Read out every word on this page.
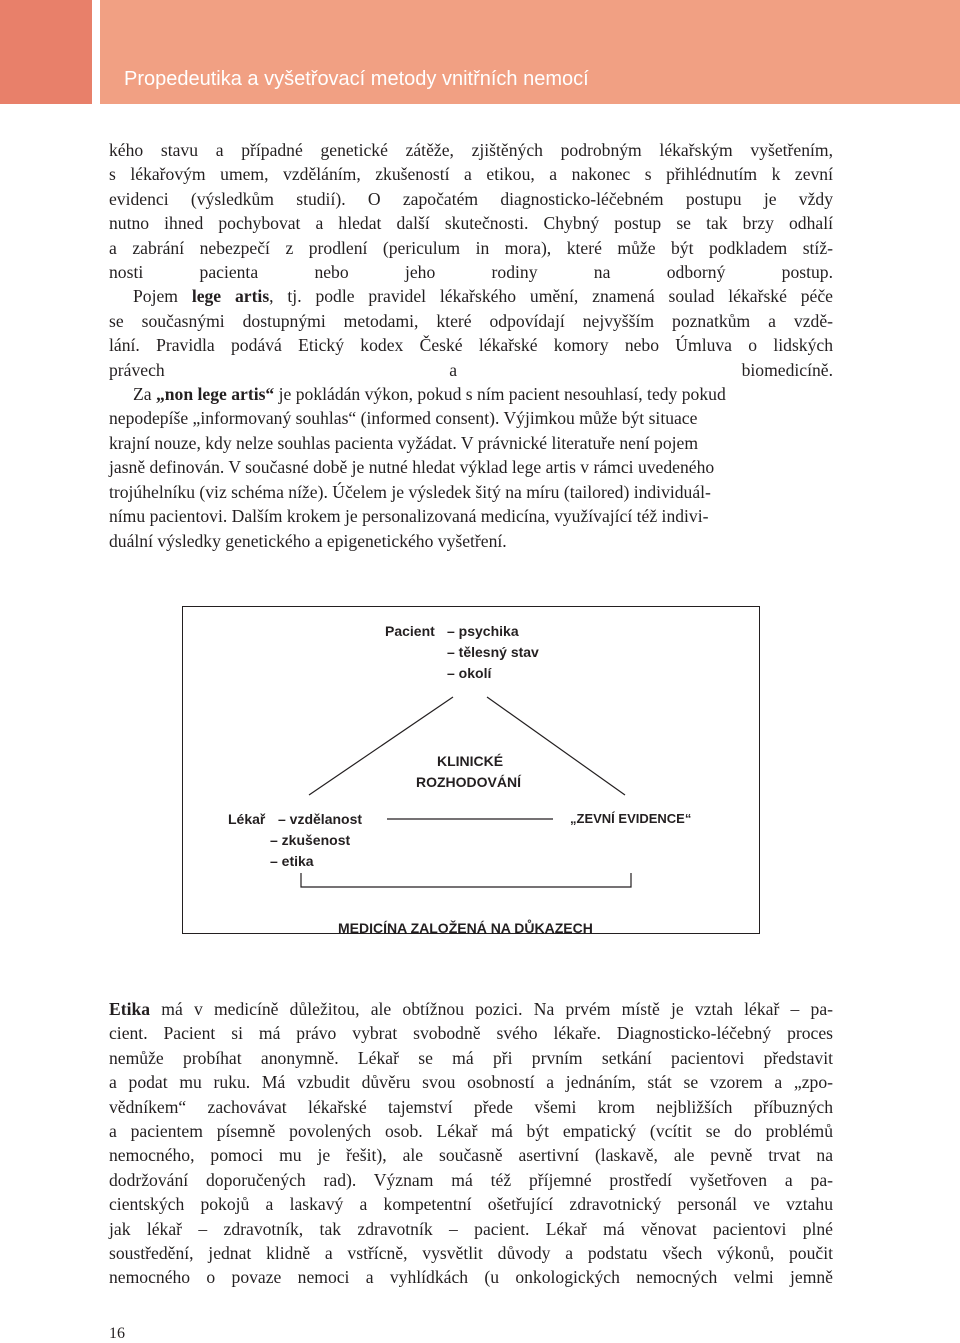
Propedeutika a vyšetřovací metody vnitřních nemocí

kého stavu a případné genetické zátěže, zjištěných podrobným lékařským vyšetřením,
s lékařovým umem, vzděláním, zkušeností a etikou, a nakonec s přihlédnutím k zevní
evidenci (výsledkům studií). O započatém diagnosticko-léčebném postupu je vždy
nutno ihned pochybovat a hledat další skutečnosti. Chybný postup se tak brzy odhalí
a zabrání nebezpečí z prodlení (periculum in mora), které může být podkladem stíž-
nosti pacienta nebo jeho rodiny na odborný postup.

Pojem lege artis, tj. podle pravidel lékařského umění, znamená soulad lékařské péče
se současnými dostupnými metodami, které odpovídají nejvyšším poznatkům a vzdě-
lání. Pravidla podává Etický kodex České lékařské komory nebo Úmluva o lidských
právech a biomedicíně.

Za „non lege artis“ je pokládán výkon, pokud s ním pacient nesouhlasí, tedy pokud
nepodepíše „informovaný souhlas“ (informed consent). Výjimkou může být situace
krajní nouze, kdy nelze souhlas pacienta vyžádat. V právnické literatuře není pojem
jasně definován. V současné době je nutné hledat výklad lege artis v rámci uvedeného
trojúhelníku (viz schéma níže). Účelem je výsledek šitý na míru (tailored) individuál-
nímu pacientovi. Dalším krokem je personalizovaná medicína, využívající též indivi-
duální výsledky genetického a epigenetického vyšetření.

Pacient – psychika
– tělesný stav
– okolí
KLINICKÉ
ROZHODOVÁNÍ
Lékař – vzdělanost
– zkušenost
– etika
„ZEVNÍ EVIDENCE“
MEDICÍNA ZALOŽENÁ NA DŮKAZECH

Etika má v medicíně důležitou, ale obtížnou pozici. Na prvém místě je vztah lékař – pa-
cient. Pacient si má právo vybrat svobodně svého lékaře. Diagnosticko-léčebný proces
nemůže probíhat anonymně. Lékař se má při prvním setkání pacientovi představit
a podat mu ruku. Má vzbudit důvěru svou osobností a jednáním, stát se vzorem a „zpo-
vědníkem“ zachovávat lékařské tajemství přede všemi krom nejbližších příbuzných
a pacientem písemně povolených osob. Lékař má být empatický (vcítit se do problémů
nemocného, pomoci mu je řešit), ale současně asertivní (laskavě, ale pevně trvat na
dodržování doporučených rad). Význam má též příjemné prostředí vyšetřoven a pa-
cientských pokojů a laskavý a kompetentní ošetřující zdravotnický personál ve vztahu
jak lékař – zdravotník, tak zdravotník – pacient. Lékař má věnovat pacientovi plné
soustředění, jednat klidně a vstřícně, vysvětlit důvody a podstatu všech výkonů, poučit
nemocného o povaze nemoci a vyhlídkách (u onkologických nemocných velmi jemně

16
